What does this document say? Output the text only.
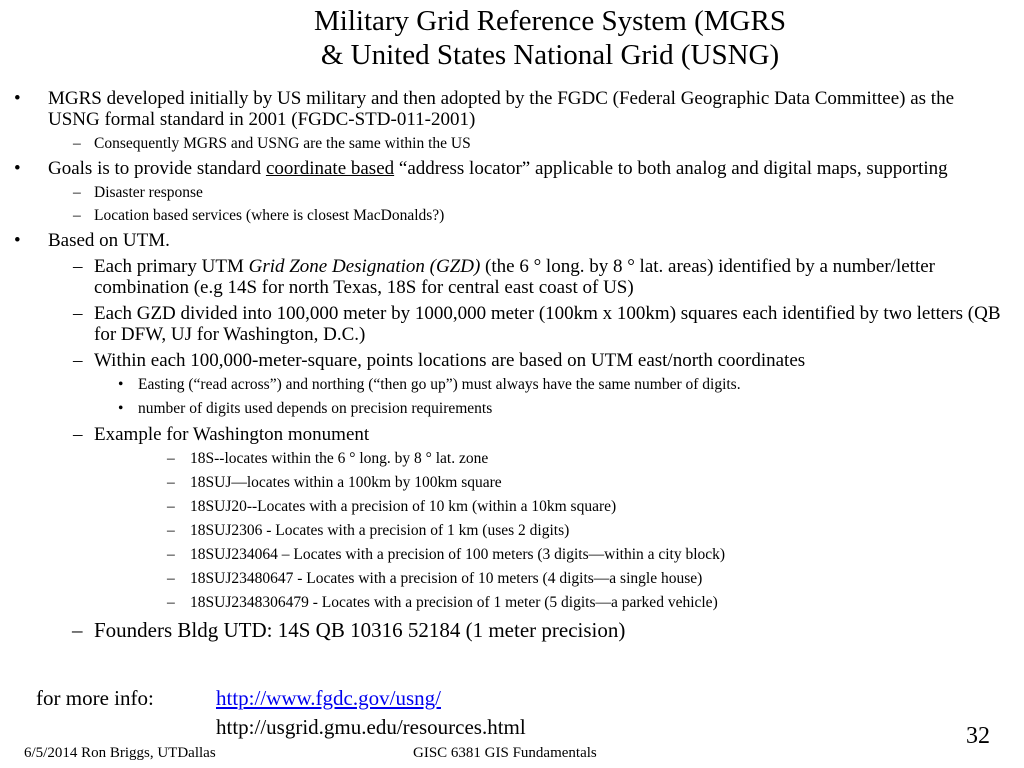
Military Grid Reference System (MGRS
& United States National Grid (USNG)
• MGRS developed initially by US military and then adopted by the FGDC (Federal Geographic Data Committee) as the USNG formal standard in 2001 (FGDC-STD-011-2001)
– Consequently MGRS and USNG are the same within the US
• Goals is to provide standard coordinate based “address locator” applicable to both analog and digital maps, supporting
– Disaster response
– Location based services (where is closest MacDonalds?)
• Based on UTM.
– Each primary UTM Grid Zone Designation (GZD) (the 6 ° long. by 8 ° lat. areas) identified by a number/letter combination (e.g 14S for north Texas, 18S for central east coast of US)
– Each GZD divided into 100,000 meter by 1000,000 meter (100km x 100km) squares each identified by two letters (QB for DFW, UJ for Washington, D.C.)
– Within each 100,000-meter-square, points locations are based on UTM east/north coordinates
• Easting (“read across”) and northing (“then go up”) must always have the same number of digits.
• number of digits used depends on precision requirements
– Example for Washington monument
– 18S--locates within the 6 ° long. by 8 ° lat. zone
– 18SUJ—locates within a 100km by 100km square
– 18SUJ20--Locates with a precision of 10 km (within a 10km square)
– 18SUJ2306 - Locates with a precision of 1 km (uses 2 digits)
– 18SUJ234064 – Locates with a precision of 100 meters (3 digits—within a city block)
– 18SUJ23480647 - Locates with a precision of 10 meters (4 digits—a single house)
– 18SUJ2348306479 - Locates with a precision of 1 meter (5 digits—a parked vehicle)
– Founders Bldg UTD: 14S QB 10316 52184 (1 meter precision)
for more info:	http://www.fgdc.gov/usng/
http://usgrid.gmu.edu/resources.html
6/5/2014 Ron Briggs, UTDallas	GISC 6381 GIS Fundamentals
32
